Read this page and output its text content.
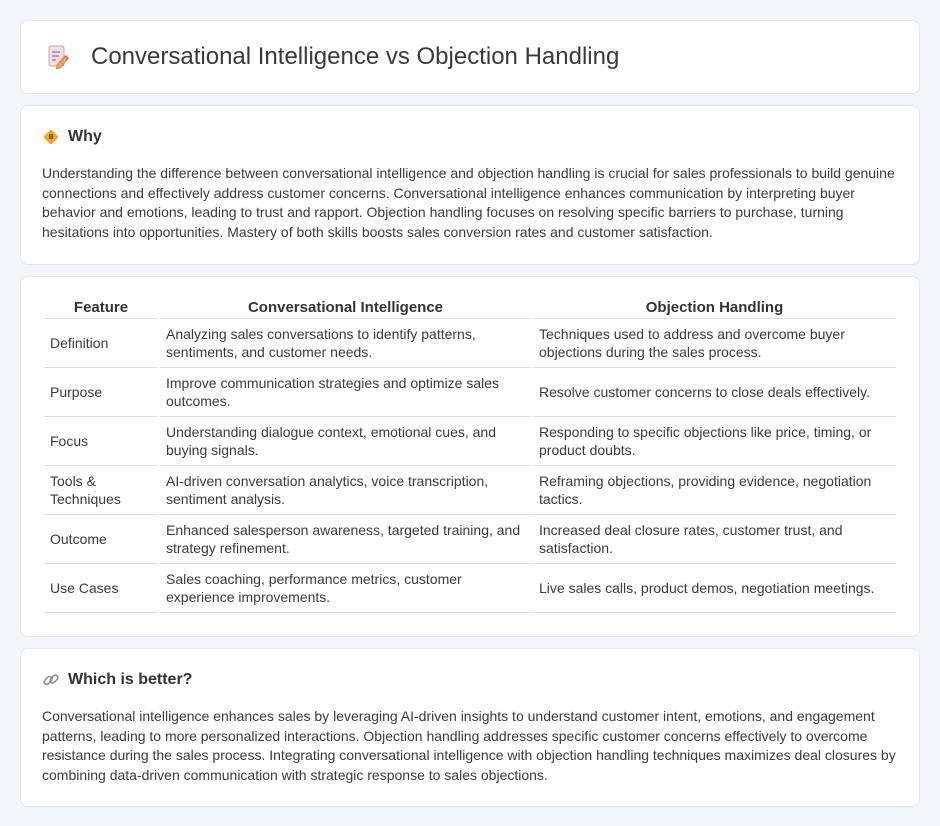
Conversational Intelligence vs Objection Handling
Why

Understanding the difference between conversational intelligence and objection handling is crucial for sales professionals to build genuine connections and effectively address customer concerns. Conversational intelligence enhances communication by interpreting buyer behavior and emotions, leading to trust and rapport. Objection handling focuses on resolving specific barriers to purchase, turning hesitations into opportunities. Mastery of both skills boosts sales conversion rates and customer satisfaction.

Feature	Conversational Intelligence	Objection Handling
Definition	Analyzing sales conversations to identify patterns, sentiments, and customer needs.	Techniques used to address and overcome buyer objections during the sales process.
Purpose	Improve communication strategies and optimize sales outcomes.	Resolve customer concerns to close deals effectively.
Focus	Understanding dialogue context, emotional cues, and buying signals.	Responding to specific objections like price, timing, or product doubts.
Tools & Techniques	AI-driven conversation analytics, voice transcription, sentiment analysis.	Reframing objections, providing evidence, negotiation tactics.
Outcome	Enhanced salesperson awareness, targeted training, and strategy refinement.	Increased deal closure rates, customer trust, and satisfaction.
Use Cases	Sales coaching, performance metrics, customer experience improvements.	Live sales calls, product demos, negotiation meetings.
Which is better?

Conversational intelligence enhances sales by leveraging AI-driven insights to understand customer intent, emotions, and engagement patterns, leading to more personalized interactions. Objection handling addresses specific customer concerns effectively to overcome resistance during the sales process. Integrating conversational intelligence with objection handling techniques maximizes deal closures by combining data-driven communication with strategic response to sales objections.
